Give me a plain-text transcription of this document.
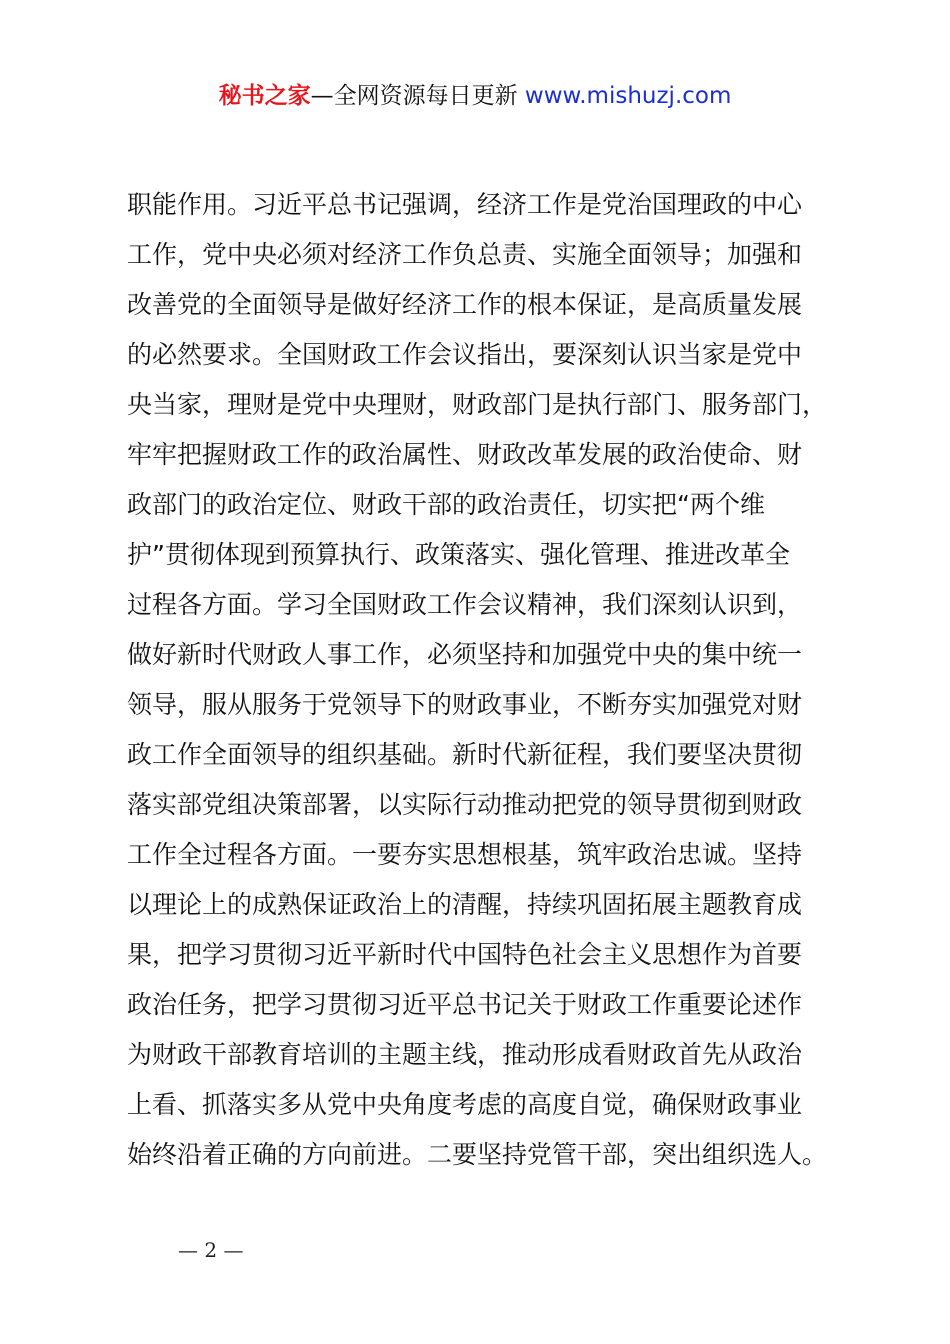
秘书之家—全网资源每日更新 www.mishuzj.com
职能作用。习近平总书记强调，经济工作是党治国理政的中心
工作，党中央必须对经济工作负总责、实施全面领导；加强和
改善党的全面领导是做好经济工作的根本保证，是高质量发展
的必然要求。全国财政工作会议指出，要深刻认识当家是党中
央当家，理财是党中央理财，财政部门是执行部门、服务部门，
牢牢把握财政工作的政治属性、财政改革发展的政治使命、财
政部门的政治定位、财政干部的政治责任，切实把“两个维
护”贯彻体现到预算执行、政策落实、强化管理、推进改革全
过程各方面。学习全国财政工作会议精神，我们深刻认识到，
做好新时代财政人事工作，必须坚持和加强党中央的集中统一
领导，服从服务于党领导下的财政事业，不断夯实加强党对财
政工作全面领导的组织基础。新时代新征程，我们要坚决贯彻
落实部党组决策部署，以实际行动推动把党的领导贯彻到财政
工作全过程各方面。一要夯实思想根基，筑牢政治忠诚。坚持
以理论上的成熟保证政治上的清醒，持续巩固拓展主题教育成
果，把学习贯彻习近平新时代中国特色社会主义思想作为首要
政治任务，把学习贯彻习近平总书记关于财政工作重要论述作
为财政干部教育培训的主题主线，推动形成看财政首先从政治
上看、抓落实多从党中央角度考虑的高度自觉，确保财政事业
始终沿着正确的方向前进。二要坚持党管干部，突出组织选人。
— 2 —
